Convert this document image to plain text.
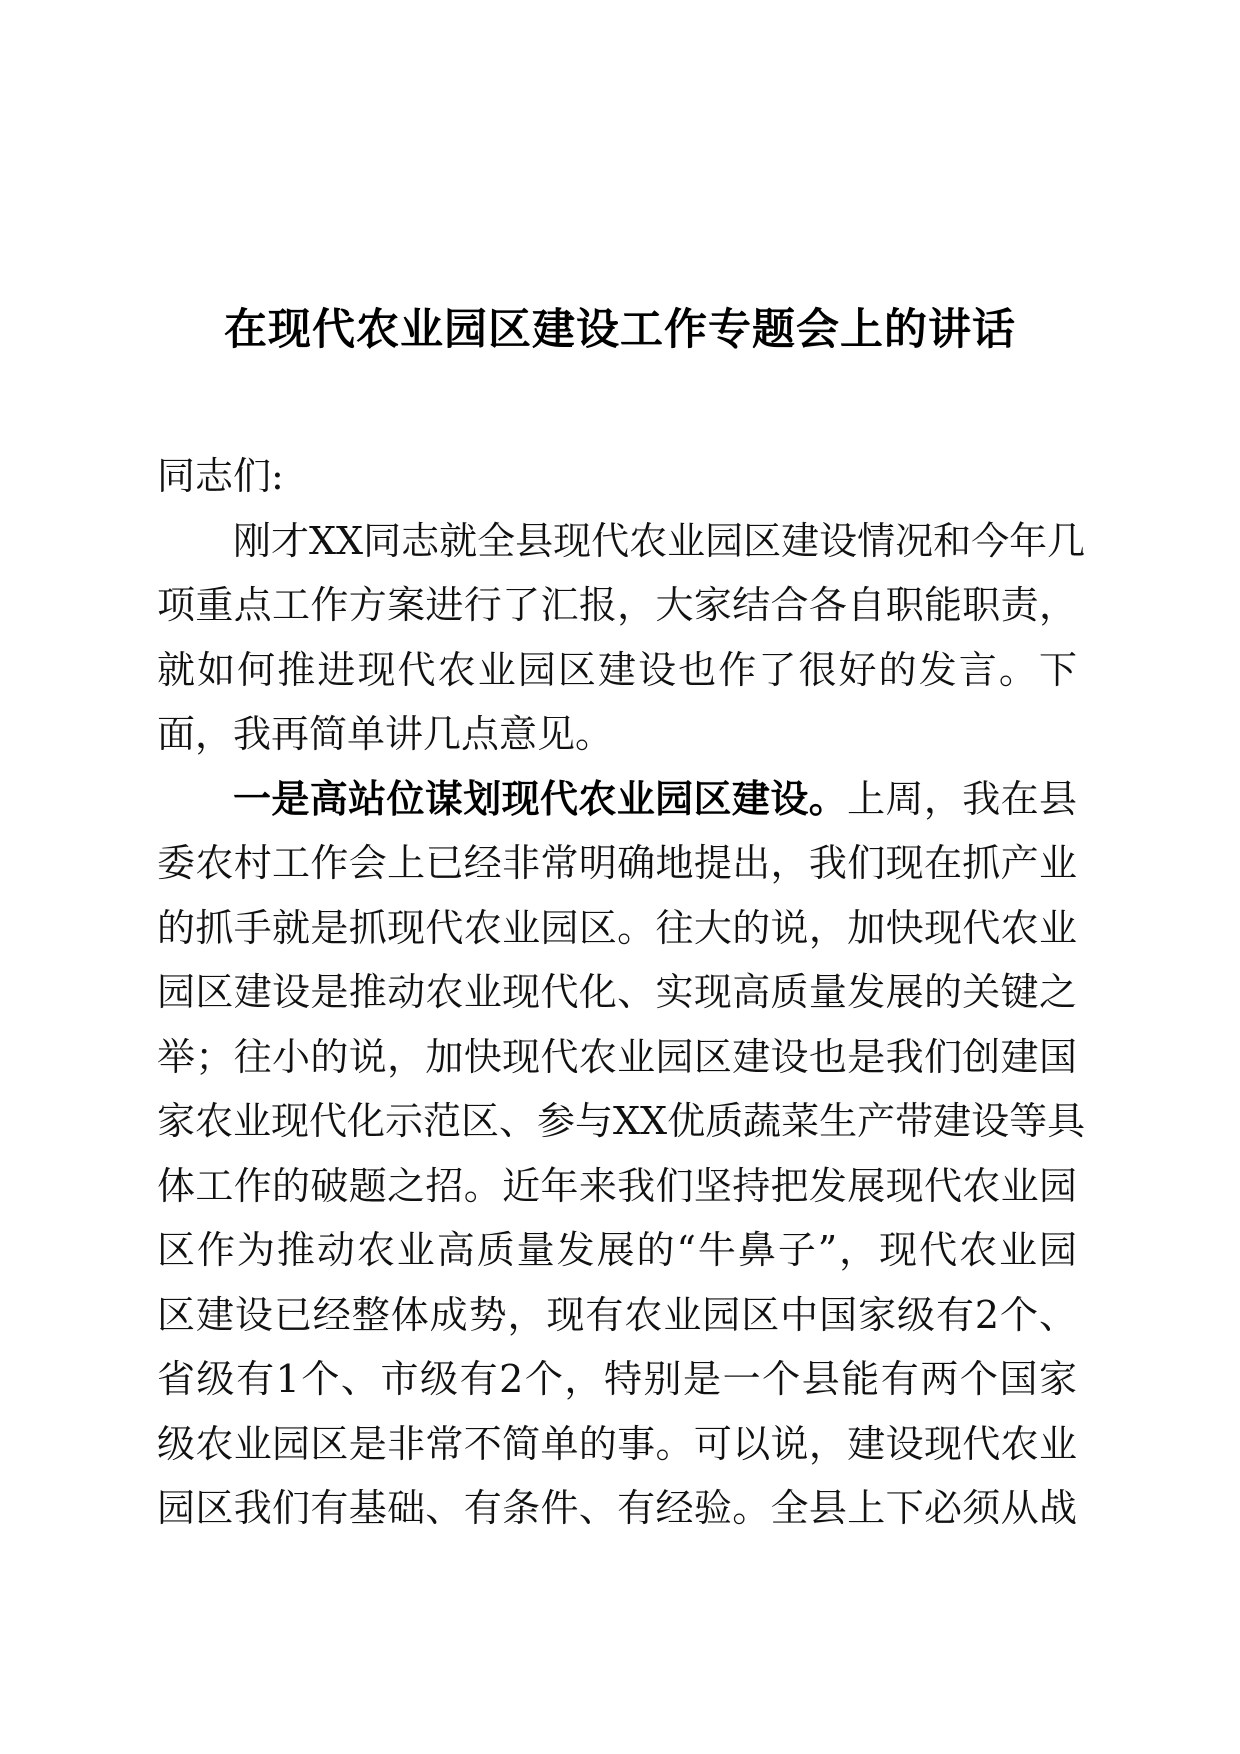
在现代农业园区建设工作专题会上的讲话
同志们:
刚才XX同志就全县现代农业园区建设情况和今年几
项重点工作方案进行了汇报，大家结合各自职能职责，
就如何推进现代农业园区建设也作了很好的发言。下
面，我再简单讲几点意见。
一是高站位谋划现代农业园区建设。上周，我在县
委农村工作会上已经非常明确地提出，我们现在抓产业
的抓手就是抓现代农业园区。往大的说，加快现代农业
园区建设是推动农业现代化、实现高质量发展的关键之
举；往小的说，加快现代农业园区建设也是我们创建国
家农业现代化示范区、参与XX优质蔬菜生产带建设等具
体工作的破题之招。近年来我们坚持把发展现代农业园
区作为推动农业高质量发展的“牛鼻子”，现代农业园
区建设已经整体成势，现有农业园区中国家级有2个、
省级有1个、市级有2个，特别是一个县能有两个国家
级农业园区是非常不简单的事。可以说，建设现代农业
园区我们有基础、有条件、有经验。全县上下必须从战
